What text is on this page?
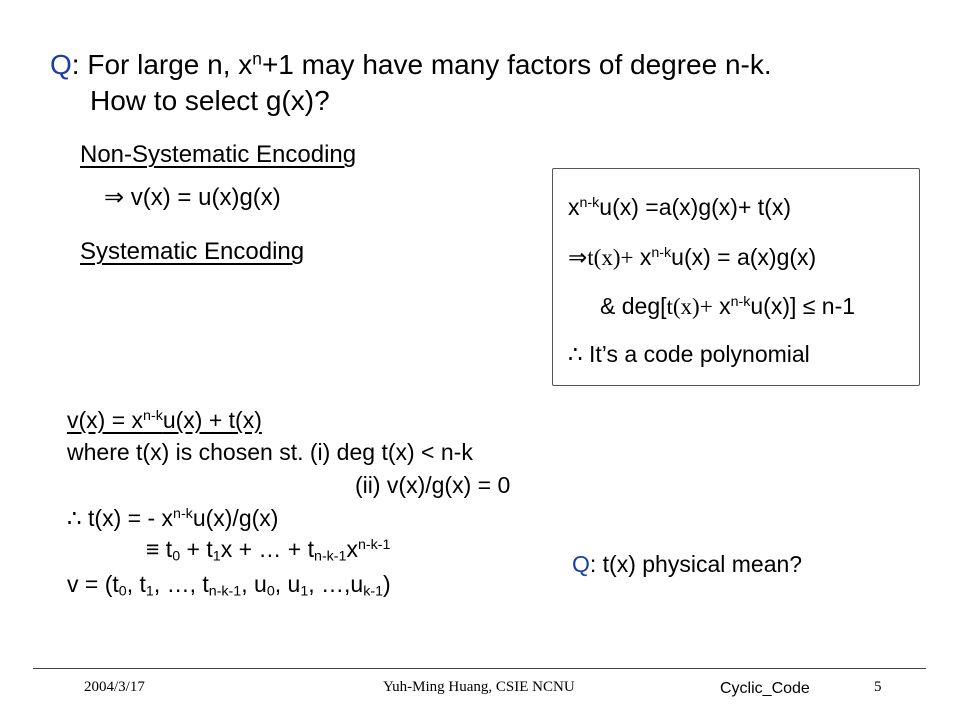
Q: For large n, $x^n+1$ may have many factors of degree n-k.
How to select g(x)?
Non-Systematic Encoding
⇒ v(x) = u(x)g(x)
Systematic Encoding
$x^{n-k}u(x) =a(x)g(x)+ t(x)$
⇒t(x)+ $x^{n-k}u(x) = a(x)g(x)$
& $deg[t(x)+ x^{n-k}u(x)] \le n-1$
∴ It’s a code polynomial
$v(x) = x^{n-k}u(x) + t(x)$
where t(x) is chosen st. (i) deg t(x) < n-k
(ii) v(x)/g(x) = 0
∴ t(x) = - $x^{n-k}u(x)/g(x)$
≡ $t_0 + t_1x$ + … + $t_{n-k-1}x^{n-k-1}$
$v = (t_0$, $t_1$, …, $t_{n-k-1}$, $u_0$, $u_1$, $\dots,u_{k-1}$)
Q: t(x) physical mean?
2004/3/17	Yuh-Ming Huang, CSIE NCNU	Cyclic_Code	5
